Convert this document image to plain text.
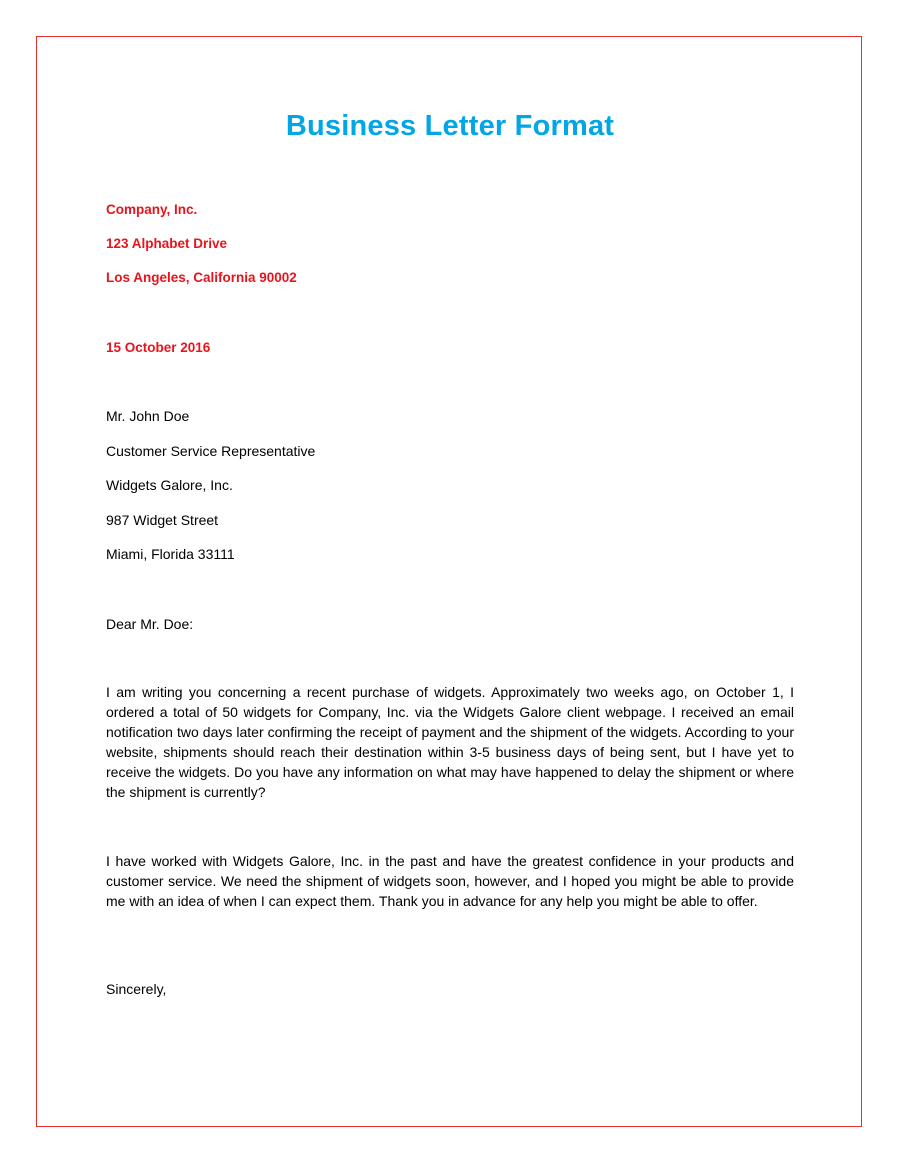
Business Letter Format
Company, Inc.
123 Alphabet Drive
Los Angeles, California 90002
15 October 2016
Mr. John Doe
Customer Service Representative
Widgets Galore, Inc.
987 Widget Street
Miami, Florida 33111
Dear Mr. Doe:
I am writing you concerning a recent purchase of widgets. Approximately two weeks ago, on October 1, I ordered a total of 50 widgets for Company, Inc. via the Widgets Galore client webpage. I received an email notification two days later confirming the receipt of payment and the shipment of the widgets. According to your website, shipments should reach their destination within 3-5 business days of being sent, but I have yet to receive the widgets. Do you have any information on what may have happened to delay the shipment or where the shipment is currently?
I have worked with Widgets Galore, Inc. in the past and have the greatest confidence in your products and customer service. We need the shipment of widgets soon, however, and I hoped you might be able to provide me with an idea of when I can expect them. Thank you in advance for any help you might be able to offer.
Sincerely,
